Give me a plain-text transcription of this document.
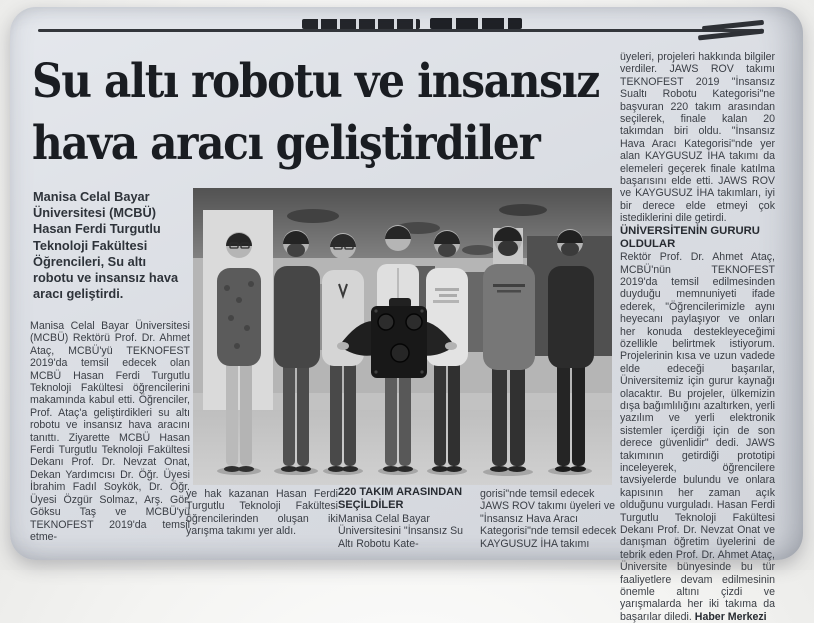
Su altı robotu ve insansız
hava aracı geliştirdiler
Manisa Celal Bayar Üniversitesi (MCBÜ) Hasan Ferdi Turgutlu Teknoloji Fakültesi Öğrencileri, Su altı robotu ve insansız hava aracı geliştirdi.
Manisa Celal Bayar Üniversitesi (MCBÜ) Rektörü Prof. Dr. Ahmet Ataç, MCBÜ'yü TEKNOFEST 2019'da temsil edecek olan MCBÜ Hasan Ferdi Turgutlu Teknoloji Fakültesi öğrencilerini makamında kabul etti. Öğrenciler, Prof. Ataç'a geliştirdikleri su altı robotu ve insansız hava aracını tanıttı. Ziyarette MCBÜ Hasan Ferdi Turgutlu Teknoloji Fakültesi Dekanı Prof. Dr. Nevzat Onat, Dekan Yardımcısı Dr. Öğr. Üyesi İbrahim Fadıl Soykök, Dr. Öğr. Üyesi Özgür Solmaz, Arş. Gör. Göksu Taş ve MCBÜ'yü TEKNOFEST 2019'da temsil etme-
ye hak kazanan Hasan Ferdi Turgutlu Teknoloji Fakültesi öğrencilerinden oluşan iki yarışma takımı yer aldı.
220 TAKIM ARASINDAN SEÇİLDİLER
Manisa Celal Bayar Üniversitesini "İnsansız Su Altı Robotu Kate-
gorisi"nde temsil edecek JAWS ROV takımı üyeleri ve "İnsansız Hava Aracı Kategorisi"nde temsil edecek KAYGUSUZ İHA takımı

üyeleri, projeleri hakkında bilgiler verdiler. JAWS ROV takımı TEKNOFEST 2019 "İnsansız Sualtı Robotu Kategorisi"ne başvuran 220 takım arasından seçilerek, finale kalan 20 takımdan biri oldu. "İnsansız Hava Aracı Kategorisi"nde yer alan KAYGUSUZ İHA takımı da elemeleri geçerek finale katılma başarısını elde etti. JAWS ROV ve KAYGUSUZ İHA takımları, iyi bir derece elde etmeyi çok istediklerini dile getirdi.

ÜNİVERSİTENİN GURURU OLDULAR

Rektör Prof. Dr. Ahmet Ataç, MCBÜ'nün TEKNOFEST 2019'da temsil edilmesinden duyduğu memnuniyeti ifade ederek, "Öğrencilerimizle aynı heyecanı paylaşıyor ve onları her konuda destekleyeceğimi özellikle belirtmek istiyorum. Projelerinin kısa ve uzun vadede elde edeceği başarılar, Üniversitemiz için gurur kaynağı olacaktır. Bu projeler, ülkemizin dışa bağımlılığını azaltırken, yerli yazılım ve yerli elektronik sistemler içerdiği için de son derece güvenlidir" dedi. JAWS takımının getirdiği prototipi inceleyerek, öğrencilere tavsiyelerde bulundu ve onlara kapısının her zaman açık olduğunu vurguladı. Hasan Ferdi Turgutlu Teknoloji Fakültesi Dekanı Prof. Dr. Nevzat Onat ve danışman öğretim üyelerini de tebrik eden Prof. Dr. Ahmet Ataç, Üniversite bünyesinde bu tür faaliyetlere devam edilmesinin önemle altını çizdi ve yarışmalarda her iki takıma da başarılar diledi. Haber Merkezi
